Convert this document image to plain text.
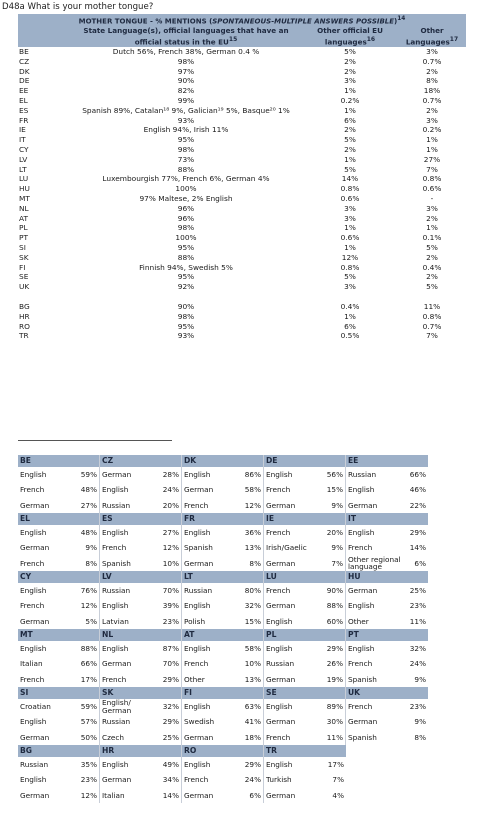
D48a What is your mother tongue?
MOTHER TONGUE - % MENTIONS (SPONTANEOUS-MULTIPLE ANSWERS POSSIBLE)$^{14}$
State Language(s), official languages that have an official status in the EU$^{15}$
Other official EU languages$^{16}$
Other Languages$^{17}$
BE	Dutch 56%, French 38%, German 0.4 %	5%	3%
CZ	98%	2%	0.7%
DK	97%	2%	2%
DE	90%	3%	8%
EE	82%	1%	18%
EL	99%	0.2%	0.7%
ES	Spanish 89%, Catalan¹⁸ 9%, Galician¹⁹ 5%, Basque²⁰ 1%	1%	2%
FR	93%	6%	3%
IE	English 94%, Irish 11%	2%	0.2%
IT	95%	5%	1%
CY	98%	2%	1%
LV	73%	1%	27%
LT	88%	5%	7%
LU	Luxembourgish 77%, French 6%, German 4%	14%	0.8%
HU	100%	0.8%	0.6%
MT	97% Maltese, 2% English	0.6%	-
NL	96%	3%	3%
AT	96%	3%	2%
PL	98%	1%	1%
PT	100%	0.6%	0.1%
SI	95%	1%	5%
SK	88%	12%	2%
FI	Finnish 94%, Swedish 5%	0.8%	0.4%
SE	95%	5%	2%
UK	92%	3%	5%
BG	90%	0.4%	11%
HR	98%	1%	0.8%
RO	95%	6%	0.7%
TR	93%	0.5%	7%
BE
English	59%
French	48%
German	27%
CZ
German	28%
English	24%
Russian	20%
DK
English	86%
German	58%
French	12%
DE
English	56%
French	15%
German	9%
EE
Russian	66%
English	46%
German	22%
EL
English	48%
German	9%
French	8%
ES
English	27%
French	12%
Spanish	10%
FR
English	36%
Spanish	13%
German	8%
IE
French	20%
Irish/Gaelic	9%
German	7%
IT
English	29%
French	14%
Other regional language	6%
CY
English	76%
French	12%
German	5%
LV
Russian	70%
English	39%
Latvian	23%
LT
Russian	80%
English	32%
Polish	15%
LU
French	90%
German	88%
English	60%
HU
German	25%
English	23%
Other	11%
MT
English	88%
Italian	66%
French	17%
NL
English	87%
German	70%
French	29%
AT
English	58%
French	10%
Other	13%
PL
English	29%
Russian	26%
German	19%
PT
English	32%
French	24%
Spanish	9%
SI
Croatian	59%
English	57%
German	50%
SK
English/ German	32%
Russian	29%
Czech	25%
FI
English	63%
Swedish	41%
German	18%
SE
English	89%
German	30%
French	11%
UK
French	23%
German	9%
Spanish	8%
BG
Russian	35%
English	23%
German	12%
HR
English	49%
German	34%
Italian	14%
RO
English	29%
French	24%
German	6%
TR
English	17%
Turkish	7%
German	4%
